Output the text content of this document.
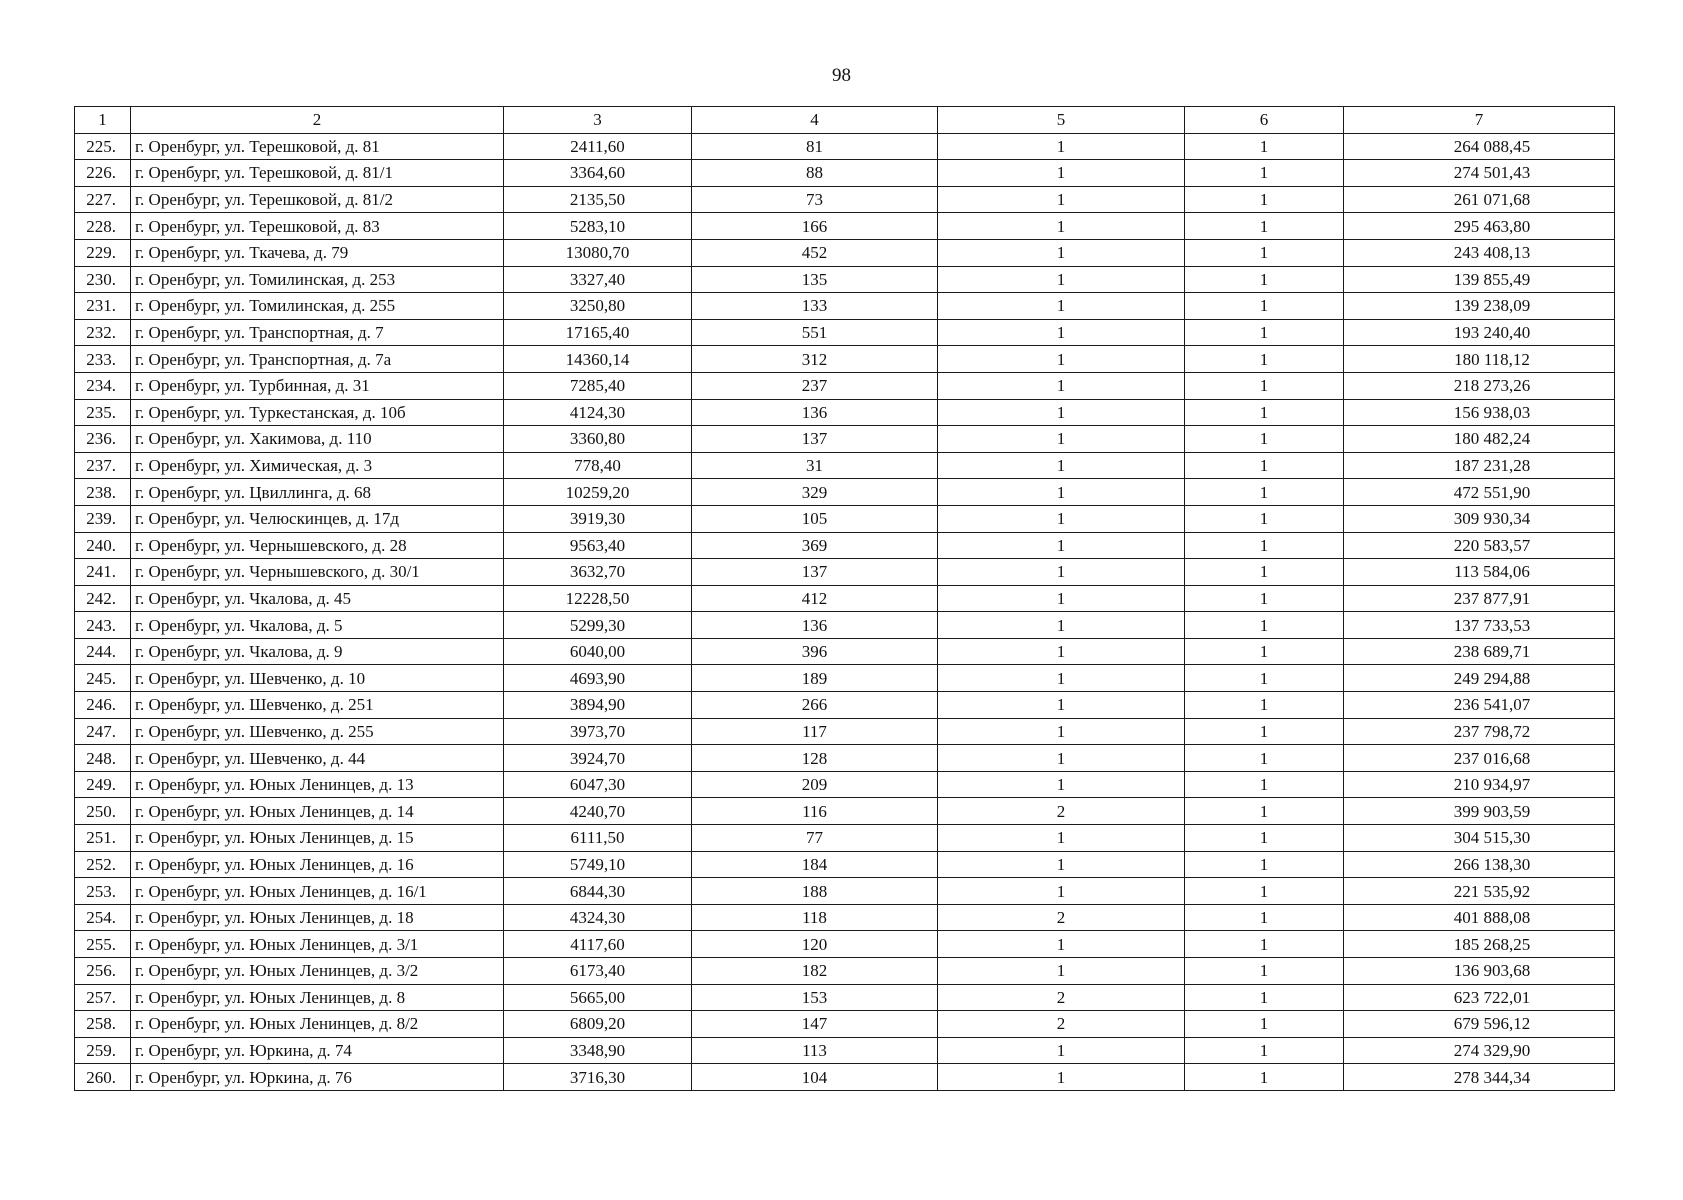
98
1	2	3	4	5	6	7
225.	г. Оренбург, ул. Терешковой, д. 81	2411,60	81	1	1	264 088,45
226.	г. Оренбург, ул. Терешковой, д. 81/1	3364,60	88	1	1	274 501,43
227.	г. Оренбург, ул. Терешковой, д. 81/2	2135,50	73	1	1	261 071,68
228.	г. Оренбург, ул. Терешковой, д. 83	5283,10	166	1	1	295 463,80
229.	г. Оренбург, ул. Ткачева, д. 79	13080,70	452	1	1	243 408,13
230.	г. Оренбург, ул. Томилинская, д. 253	3327,40	135	1	1	139 855,49
231.	г. Оренбург, ул. Томилинская, д. 255	3250,80	133	1	1	139 238,09
232.	г. Оренбург, ул. Транспортная, д. 7	17165,40	551	1	1	193 240,40
233.	г. Оренбург, ул. Транспортная, д. 7а	14360,14	312	1	1	180 118,12
234.	г. Оренбург, ул. Турбинная, д. 31	7285,40	237	1	1	218 273,26
235.	г. Оренбург, ул. Туркестанская, д. 10б	4124,30	136	1	1	156 938,03
236.	г. Оренбург, ул. Хакимова, д. 110	3360,80	137	1	1	180 482,24
237.	г. Оренбург, ул. Химическая, д. 3	778,40	31	1	1	187 231,28
238.	г. Оренбург, ул. Цвиллинга, д. 68	10259,20	329	1	1	472 551,90
239.	г. Оренбург, ул. Челюскинцев, д. 17д	3919,30	105	1	1	309 930,34
240.	г. Оренбург, ул. Чернышевского, д. 28	9563,40	369	1	1	220 583,57
241.	г. Оренбург, ул. Чернышевского, д. 30/1	3632,70	137	1	1	113 584,06
242.	г. Оренбург, ул. Чкалова, д. 45	12228,50	412	1	1	237 877,91
243.	г. Оренбург, ул. Чкалова, д. 5	5299,30	136	1	1	137 733,53
244.	г. Оренбург, ул. Чкалова, д. 9	6040,00	396	1	1	238 689,71
245.	г. Оренбург, ул. Шевченко, д. 10	4693,90	189	1	1	249 294,88
246.	г. Оренбург, ул. Шевченко, д. 251	3894,90	266	1	1	236 541,07
247.	г. Оренбург, ул. Шевченко, д. 255	3973,70	117	1	1	237 798,72
248.	г. Оренбург, ул. Шевченко, д. 44	3924,70	128	1	1	237 016,68
249.	г. Оренбург, ул. Юных Ленинцев, д. 13	6047,30	209	1	1	210 934,97
250.	г. Оренбург, ул. Юных Ленинцев, д. 14	4240,70	116	2	1	399 903,59
251.	г. Оренбург, ул. Юных Ленинцев, д. 15	6111,50	77	1	1	304 515,30
252.	г. Оренбург, ул. Юных Ленинцев, д. 16	5749,10	184	1	1	266 138,30
253.	г. Оренбург, ул. Юных Ленинцев, д. 16/1	6844,30	188	1	1	221 535,92
254.	г. Оренбург, ул. Юных Ленинцев, д. 18	4324,30	118	2	1	401 888,08
255.	г. Оренбург, ул. Юных Ленинцев, д. 3/1	4117,60	120	1	1	185 268,25
256.	г. Оренбург, ул. Юных Ленинцев, д. 3/2	6173,40	182	1	1	136 903,68
257.	г. Оренбург, ул. Юных Ленинцев, д. 8	5665,00	153	2	1	623 722,01
258.	г. Оренбург, ул. Юных Ленинцев, д. 8/2	6809,20	147	2	1	679 596,12
259.	г. Оренбург, ул. Юркина, д. 74	3348,90	113	1	1	274 329,90
260.	г. Оренбург, ул. Юркина, д. 76	3716,30	104	1	1	278 344,34
